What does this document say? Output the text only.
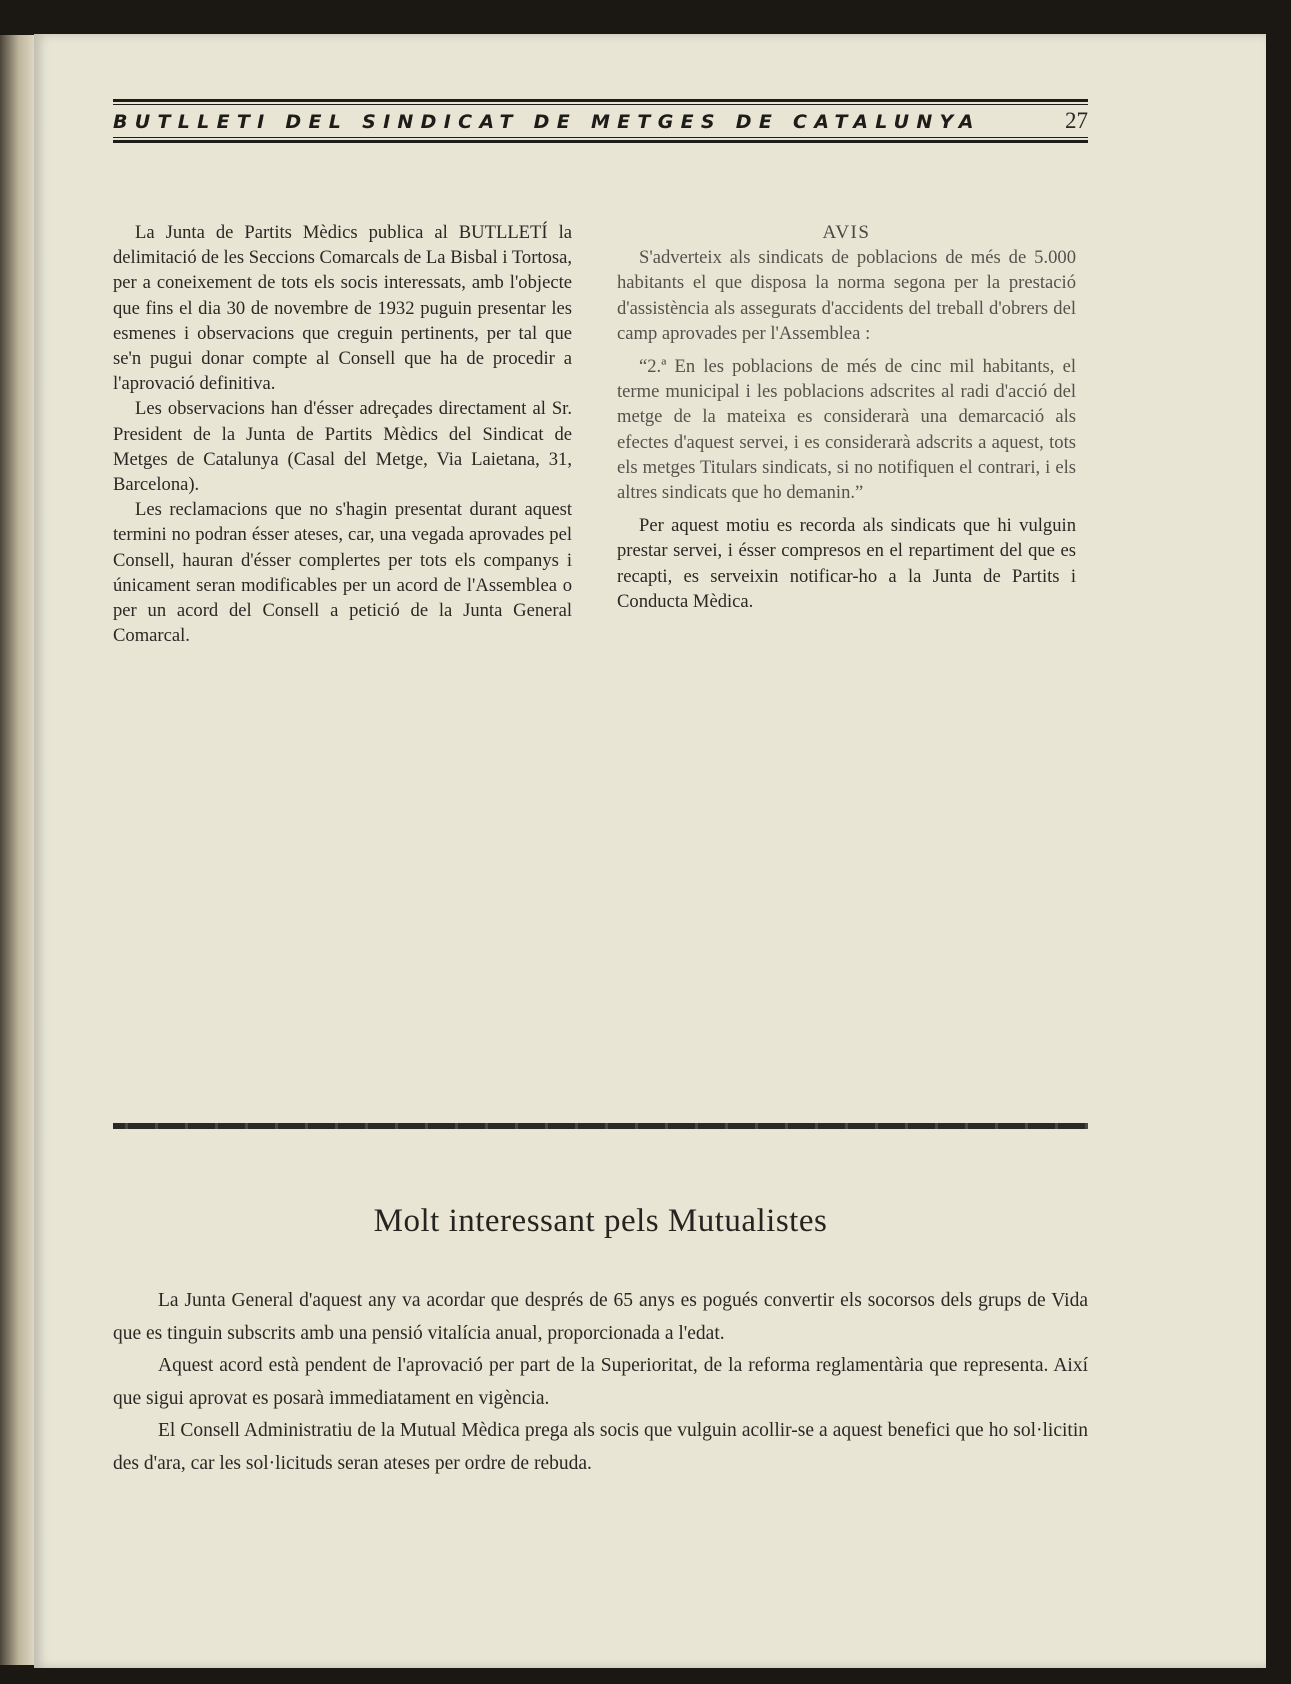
BUTLLETI DEL SINDICAT DE METGES DE CATALUNYA	27

La Junta de Partits Mèdics publica al BUTLLETÍ la delimitació de les Seccions Comarcals de La Bisbal i Tortosa, per a coneixement de tots els socis interessats, amb l'objecte que fins el dia 30 de novembre de 1932 puguin presentar les esmenes i observacions que creguin pertinents, per tal que se'n pugui donar compte al Consell que ha de procedir a l'aprovació definitiva.

Les observacions han d'ésser adreçades directament al Sr. President de la Junta de Partits Mèdics del Sindicat de Metges de Catalunya (Casal del Metge, Via Laietana, 31, Barcelona).

Les reclamacions que no s'hagin presentat durant aquest termini no podran ésser ateses, car, una vegada aprovades pel Consell, hauran d'ésser complertes per tots els companys i únicament seran modificables per un acord de l'Assemblea o per un acord del Consell a petició de la Junta General Comarcal.

AVIS

S'adverteix als sindicats de poblacions de més de 5.000 habitants el que disposa la norma segona per la prestació d'assistència als assegurats d'accidents del treball d'obrers del camp aprovades per l'Assemblea :

“2.ª En les poblacions de més de cinc mil habitants, el terme municipal i les poblacions adscrites al radi d'acció del metge de la mateixa es considerarà una demarcació als efectes d'aquest servei, i es considerarà adscrits a aquest, tots els metges Titulars sindicats, si no notifiquen el contrari, i els altres sindicats que ho demanin.”

Per aquest motiu es recorda als sindicats que hi vulguin prestar servei, i ésser compresos en el repartiment del que es recapti, es serveixin notificar-ho a la Junta de Partits i Conducta Mèdica.

Molt interessant pels Mutualistes

La Junta General d'aquest any va acordar que després de 65 anys es pogués convertir els socorsos dels grups de Vida que es tinguin subscrits amb una pensió vitalícia anual, proporcionada a l'edat.

Aquest acord està pendent de l'aprovació per part de la Superioritat, de la reforma reglamentària que representa. Així que sigui aprovat es posarà immediatament en vigència.

El Consell Administratiu de la Mutual Mèdica prega als socis que vulguin acollir-se a aquest benefici que ho sol·licitin des d'ara, car les sol·licituds seran ateses per ordre de rebuda.
